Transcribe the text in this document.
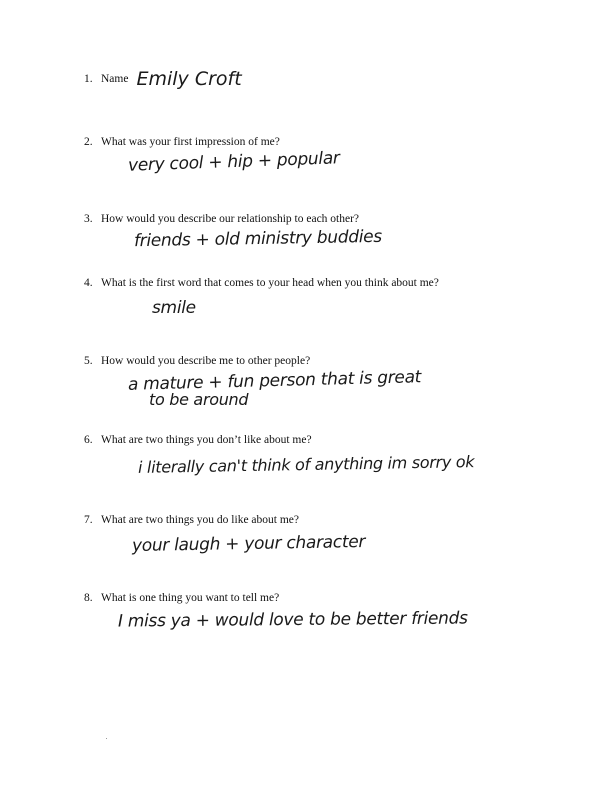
1. Name Emily Croft
2. What was your first impression of me?
very cool + hip + popular
3. How would you describe our relationship to each other?
friends + old ministry buddies
4. What is the first word that comes to your head when you think about me?
smile
5. How would you describe me to other people?
a mature + fun person that is great
to be around
6. What are two things you don’t like about me?
i literally can't think of anything im sorry ok
7. What are two things you do like about me?
your laugh + your character
8. What is one thing you want to tell me?
I miss ya + would love to be better friends
